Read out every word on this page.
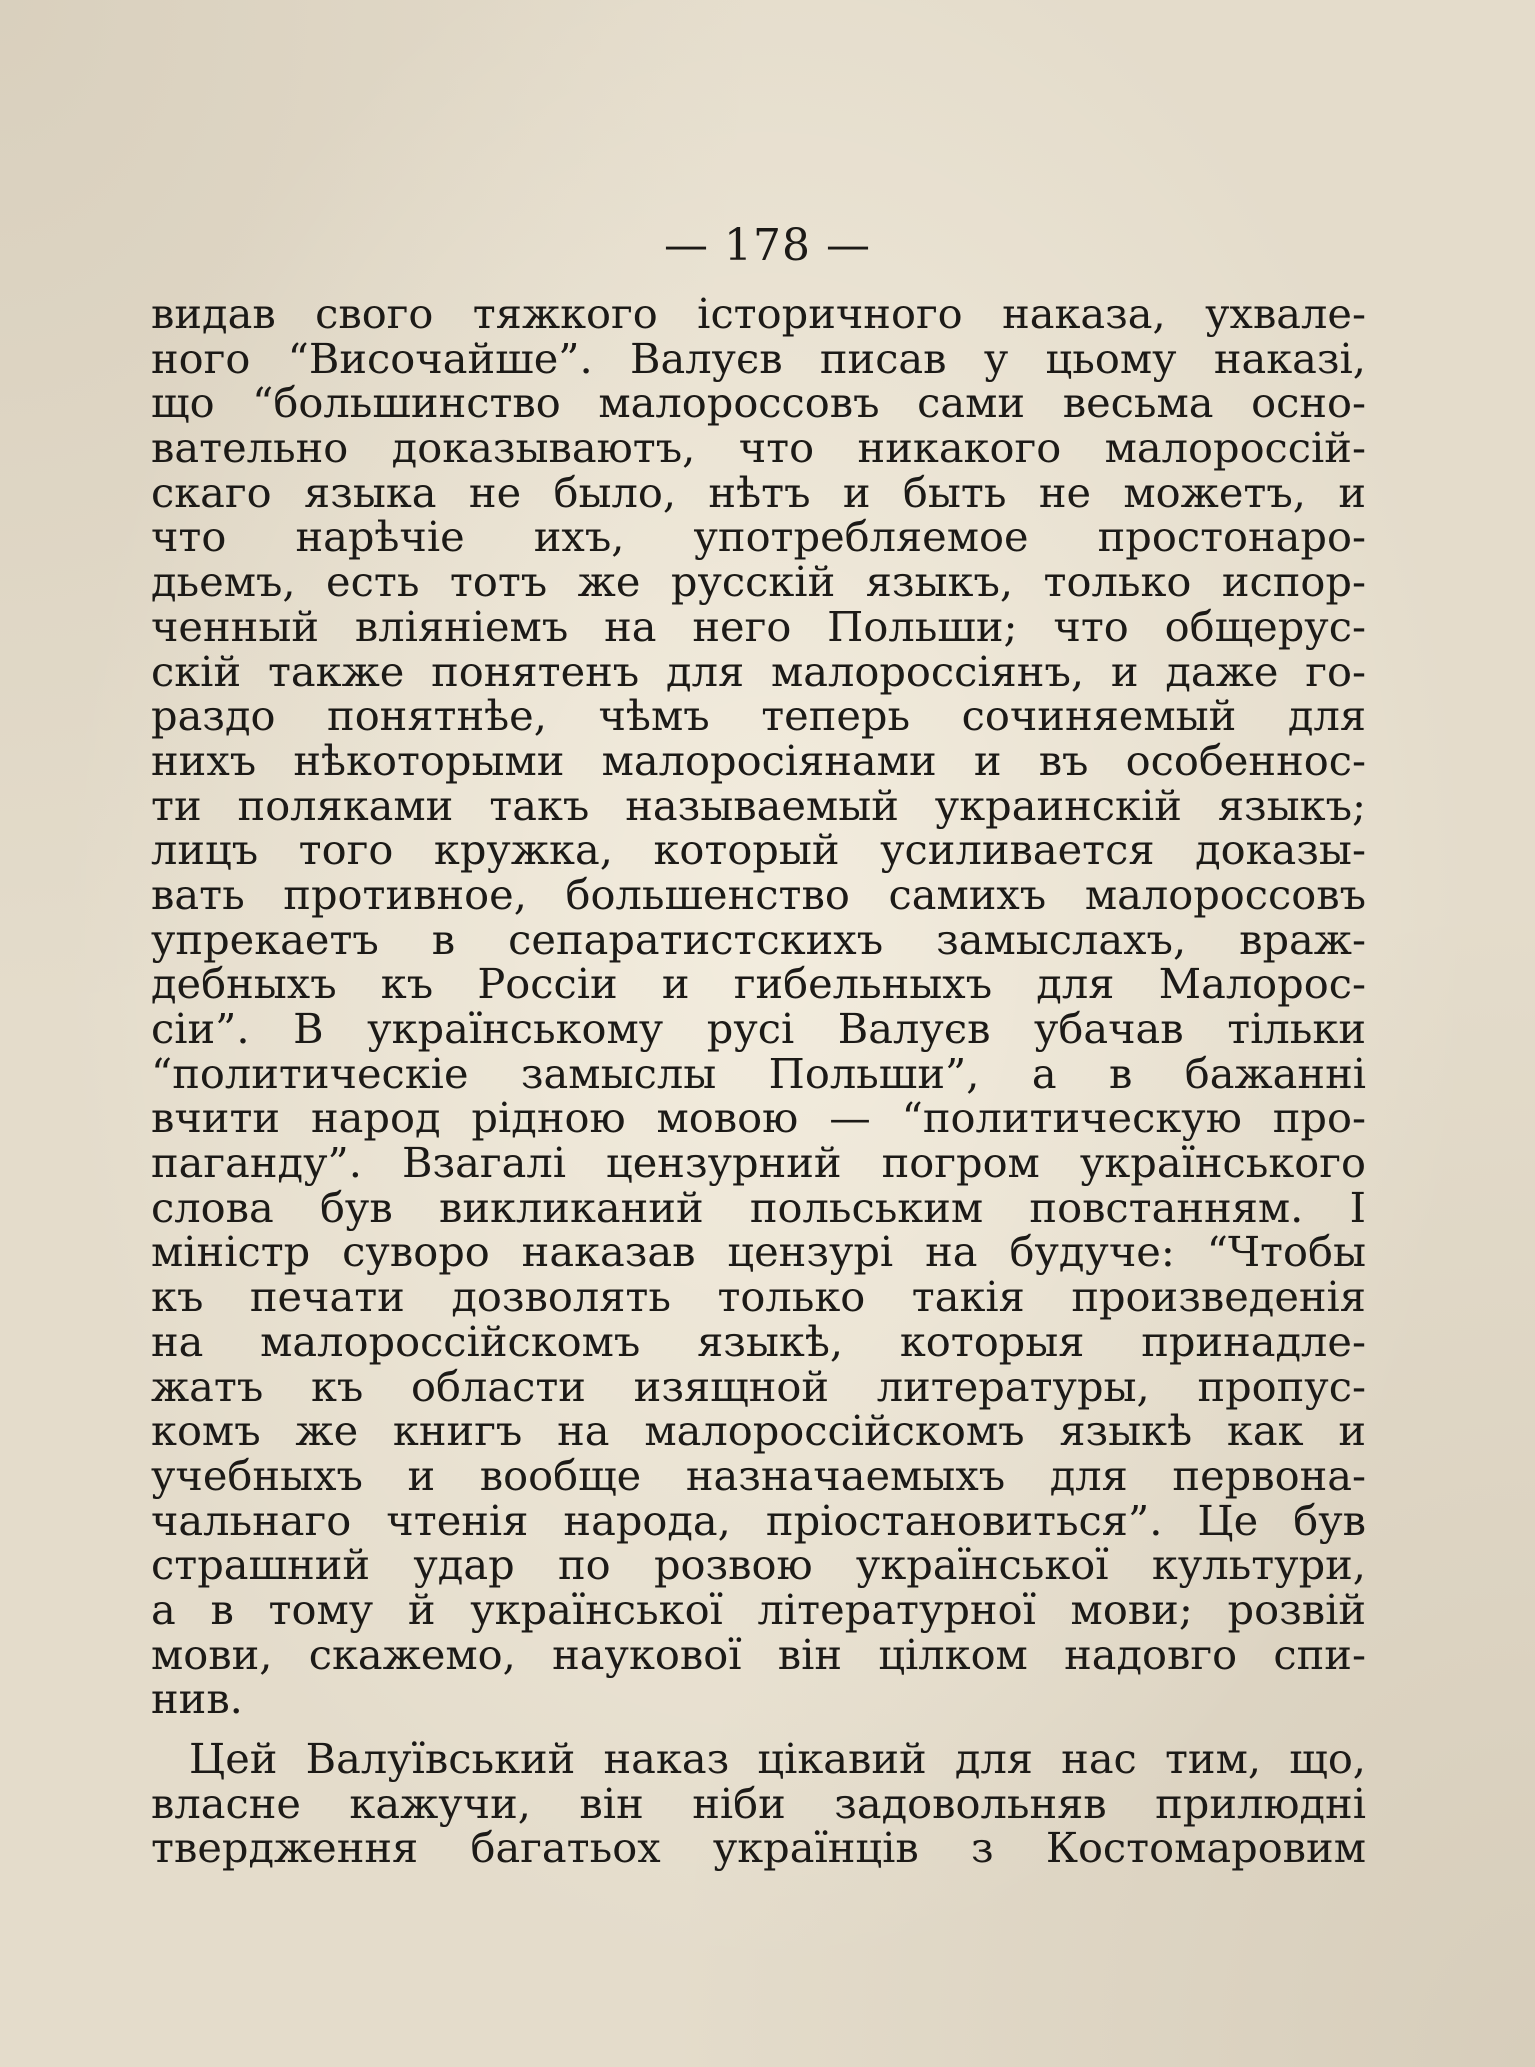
— 178 —
видав свого тяжкого історичного наказа, ухвале-
ного “Височайше”. Валуєв писав у цьому наказі,
що “большинство малороссовъ сами весьма осно-
вательно доказываютъ, что никакого малороссій-
скаго языка не было, нѣтъ и быть не можетъ, и
что нарѣчіе ихъ, употребляемое простонаро-
дьемъ, есть тотъ же русскій языкъ, только испор-
ченный вліяніемъ на него Польши; что общерус-
скій также понятенъ для малороссіянъ, и даже го-
раздо понятнѣе, чѣмъ теперь сочиняемый для
нихъ нѣкоторыми малоросіянами и въ особеннос-
ти поляками такъ называемый украинскій языкъ;
лицъ того кружка, который усиливается доказы-
вать противное, большенство самихъ малороссовъ
упрекаетъ в сепаратистскихъ замыслахъ, враж-
дебныхъ къ Россіи и гибельныхъ для Малорос-
сіи”. В українському русі Валуєв убачав тільки
“политическіе замыслы Польши”, а в бажанні
вчити народ рідною мовою — “политическую про-
паганду”. Взагалі цензурний погром українського
слова був викликаний польським повстанням. І
міністр суворо наказав цензурі на будуче: “Чтобы
къ печати дозволять только такія произведенія
на малороссійскомъ языкѣ, которыя принадле-
жатъ къ области изящной литературы, пропус-
комъ же книгъ на малороссійскомъ языкѣ как и
учебныхъ и вообще назначаемыхъ для первона-
чальнаго чтенія народа, пріостановиться”. Це був
страшний удар по розвою української культури,
а в тому й української літературної мови; розвій
мови, скажемо, наукової він цілком надовго спи-
нив.
Цей Валуївський наказ цікавий для нас тим, що,
власне кажучи, він ніби задовольняв прилюдні
твердження багатьох українців з Костомаровим
